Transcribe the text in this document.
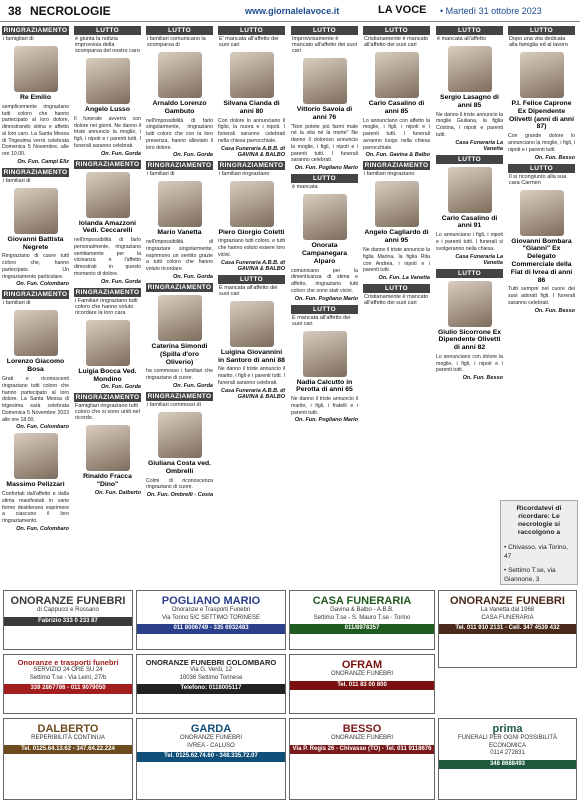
38 NECROLOGIE	www.giornalelavoce.it	LA VOCE • Martedì 31 ottobre 2023
RINGRAZIAMENTO
i famigliari di
Re Emilio
semplicemente ringraziano tutti coloro che hanno partecipato al loro dolore, dimostrando stima e affetto al loro caro. La Santa Messa di Trigesima verrà celebrata Domenica 5 Novembre, alle ore 10.00.
On. Fun. Campi Eliz
RINGRAZIAMENTO
i familiari di
Giovanni Battista Negrete
Ringraziano di cuore tutti coloro che, hanno partecipato. Un ringraziamento particolare.
On. Fun. Colombaro
RINGRAZIAMENTO
i familiari di
Lorenzo Giacomo Bosa
Grati e riconoscenti ringraziano tutti coloro che hanno partecipato al loro dolore. La Santa Messa di trigesima sarà celebrata Domenica 5 Novembre 2023 alle ore 18.00.
On. Fun. Colombaro
Massimo Pelizzari
Confortati dall'affetto e dalla stima manifestati in varie forme desiderano esprimere a ciascuno il loro ringraziamento.
On. Fun. Colombaro
LUTTO
è giunta la notizia improvvisa della scomparsa del nostro caro
Angelo Lusso
Il funerale avverrà con dolore nei giorni. Ne danno il triste annuncio la moglie, i figli, i nipoti e i parenti tutti. I funerali saranno celebrati.
On. Fun. Gorda
RINGRAZIAMENTO
Iolanda Amazzoni Vedi. Ceccarelli
nell'impossibilità di farlo personalmente, ringraziano sentitamente per la vicinanza e l'affetto dimostrati in questo momento di dolore.
On. Fun. Gorda
RINGRAZIAMENTO
i Familiari ringraziano tutti coloro che hanno voluto ricordare la loro cara
Luigia Bocca Ved. Mondino
On. Fun. Gorda
RINGRAZIAMENTO
Famigliari ringraziano tutti coloro che si sono uniti nel ricordo.
Rinaldo Fracca "Dino"
On. Fun. Dalberto
LUTTO
i familiari comunicano la scomparsa di
Arnaldo Lorenzo Gambuto
nell'impossibilità di farlo singolarmente, ringraziano tutti coloro che con la loro presenza, hanno alleviato il loro dolore.
On. Fun. Gorda
RINGRAZIAMENTO
i familiari di
Mario Vanetta
nell'impossibilità di ringraziare singolarmente, esprimono un sentito grazie a tutti coloro che hanno voluto ricordare.
On. Fun. Gorda
RINGRAZIAMENTO
Caterina Simondi (Spilla d'oro Oliverio)
ha commosso i familiari che ringraziano di cuore.
On. Fun. Gorda
RINGRAZIAMENTO
i familiari commossi di
Giuliana Costa ved. Ombrelli
Colmi di riconoscenza ringraziano di cuore.
On. Fun. Ombrelli - Costa
LUTTO
E' mancata all'affetto dei suoi cari
Silvana Cianda di anni 80
Con dolore lo annunciano il figlio, la nuora e i nipoti. I funerali saranno celebrati nella chiesa parrocchiale.
Casa Funeraria A.B.B. di GAVINA & BALBO
RINGRAZIAMENTO
i familiari ringraziano
Piero Giorgio Coletti
ringraziano tutti coloro, e tutti che hanno voluto essere loro vicini.
Casa Funeraria A.B.B. di GAVINA & BALBO
LUTTO
È mancata all'affetto dei suoi cari
Luigina Giovannini in Santoro di anni 88
Ne danno il triste annuncio il marito, i figli e i parenti tutti. I funerali saranno celebrati.
Casa Funeraria A.B.B. di GAVINA & BALBO
LUTTO
Improvvisamente è mancato all'affetto dei suoi cari
Vittorio Savoia di anni 76
"Non potete più farmi male né la vita né la morte" Ne danno il doloroso annuncio la moglie, i figli, i nipoti e i parenti tutti. I funerali saranno celebrati.
On. Fun. Pogliano Mario
LUTTO
è mancata
Onorata Campanegara Alparo
comunicano per la dimenticanza di stima e affetto, ringraziano tutti coloro che sono stati vicini.
On. Fun. Pogliano Mario
LUTTO
È mancata all'affetto dei suoi cari
Nadia Calcutto in Perotta di anni 65
Ne danno il triste annuncio il marito, i figli, i fratelli e i parenti tutti.
On. Fun. Pogliano Mario
LUTTO
Cristianamente è mancato all'affetto dei suoi cari
Carlo Casalino di anni 85
Lo annunciano con affetto la moglie, i figli, i nipoti e i parenti tutti. I funerali avranno luogo nella chiesa parrocchiale.
On. Fun. Gavina & Balbo
RINGRAZIAMENTO
i familiari ringraziano
Angelo Cagliardo di anni 95
Ne danno il triste annuncio la figlia Marina, la figlia Rita con Andrea, i nipoti e i parenti tutti.
On. Fun. La Vanetta
LUTTO
Cristianamente è mancato all'affetto dei suoi cari
LUTTO
è mancata all'affetto
Sergio Lasagno di anni 85
Ne danno il triste annuncio la moglie Giuliana, la figlia Cristina, i nipoti e parenti tutti.
Casa Funeraria La Vanetta
LUTTO
Carlo Casalino di anni 91
Lo annunciano i figli, i nipoti e i parenti tutti. I funerali si svolgeranno nella chiesa.
Casa Funeraria La Vanetta
LUTTO
Giulio Sicorrone Ex Dipendente Olivetti di anni 82
Lo annunciano con dolore la moglie, i figli, i nipoti e i parenti tutti.
On. Fun. Besso
LUTTO
Dopo una vita dedicata alla famiglia ed al lavoro
P.I. Felice Caprone Ex Dipendente Olivetti (anni di anni 87)
Con grande dolore lo annunciano la moglie, i figli, i nipoti e i parenti tutti.
On. Fun. Besso
LUTTO
Il si ricongiunto alla sua cara Carmen
Giovanni Bombara "Gianni" Ex Delegato Commerciale della Fiat di Ivrea di anni 86
Tutti sempre nel cuore dei suoi adorati figli. I funerali saranno celebrati.
On. Fun. Besso
Ricordatevi di ricordare: Le necrologie si raccolgono a
• Chivasso, via Torino, 47
• Settimo T.se, via Giannone, 3
ONORANZE FUNEBRI
di Cappucci e Rossano
Fabrizio 333 0 233 87
POGLIANO MARIO
Onoranze e Trasporti Funebri
Via Torino 5/C SETTIMO TORINESE
011 8006749 - 335 6932483
CASA FUNERARIA
Gavina & Balbo - A.B.B.
Settimo T.se - S. Mauro T.se - Torino
011/8978357
ONORANZE FUNEBRI
La Vanetta dal 1968
CASA FUNERARIA
Tel. 011 910 2131 - Cell. 347 4539 432
Onoranze e trasporti funebri
SERVIZIO 24 ORE SU 24
Settimo T.se - Via Leinì, 27/b
339 2867786 - 011 9079050
ONORANZE FUNEBRI COLOMBARO
Via G. Verdi, 12
10036 Settimo Torinese
Telefono: 0118005117
OFRAM
ONORANZE FUNEBRI
Tel. 011 83 00 800
DALBERTO
REPERIBILITÀ CONTINUA
Tel. 0125.64.13.62 - 347.64.22.224
GARDA
ONORANZE FUNEBRI
IVREA - CALUSO
Tel. 0125.62.74.60 - 348.335.72.07
BESSO
ONORANZE FUNEBRI
Via P. Regis 26 - Chivasso (TO) - Tel. 011 9118676
prima
FUNERALI PER OGNI POSSIBILITÀ ECONOMICA
0114 272831
348 8688493
